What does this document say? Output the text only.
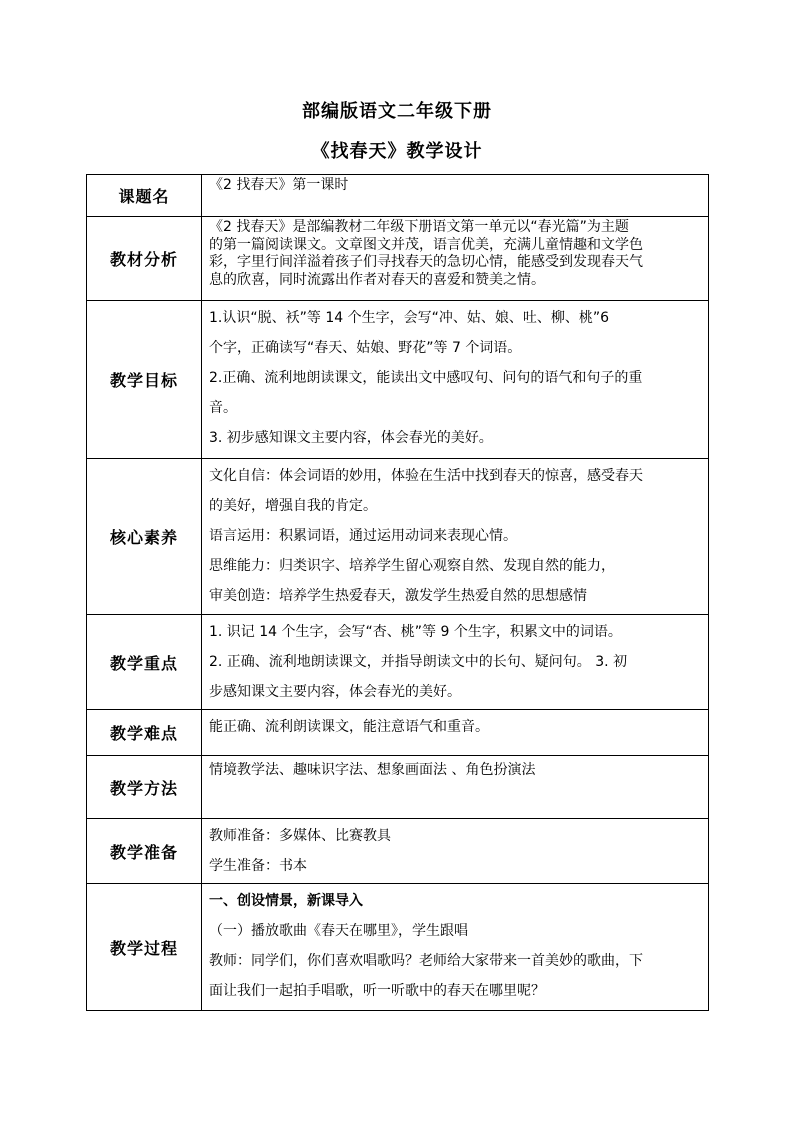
部编版语文二年级下册
《找春天》教学设计
课题名	《2 找春天》第一课时

教材分析	《2 找春天》是部编教材二年级下册语文第一单元以“春光篇”为主题
的第一篇阅读课文。文章图文并茂，语言优美，充满儿童情趣和文学色
彩，字里行间洋溢着孩子们寻找春天的急切心情，能感受到发现春天气
息的欣喜，同时流露出作者对春天的喜爱和赞美之情。

教学目标	1.认识“脱、袄”等 14 个生字，会写“冲、姑、娘、吐、柳、桃”6
个字，正确读写“春天、姑娘、野花”等 7 个词语。
2.正确、流利地朗读课文，能读出文中感叹句、问句的语气和句子的重
音。
3. 初步感知课文主要内容，体会春光的美好。

核心素养	文化自信：体会词语的妙用，体验在生活中找到春天的惊喜，感受春天
的美好，增强自我的肯定。
语言运用：积累词语，通过运用动词来表现心情。
思维能力：归类识字、培养学生留心观察自然、发现自然的能力，
审美创造：培养学生热爱春天，激发学生热爱自然的思想感情

教学重点	1. 识记 14 个生字，会写“杏、桃”等 9 个生字，积累文中的词语。
2. 正确、流利地朗读课文，并指导朗读文中的长句、疑问句。 3. 初
步感知课文主要内容，体会春光的美好。

教学难点	能正确、流利朗读课文，能注意语气和重音。

教学方法	情境教学法、趣味识字法、想象画面法 、角色扮演法

教学准备	教师准备：多媒体、比赛教具
学生准备：书本

教学过程	一、创设情景，新课导入
（一）播放歌曲《春天在哪里》，学生跟唱
教师：同学们，你们喜欢唱歌吗？老师给大家带来一首美妙的歌曲，下
面让我们一起拍手唱歌，听一听歌中的春天在哪里呢？
